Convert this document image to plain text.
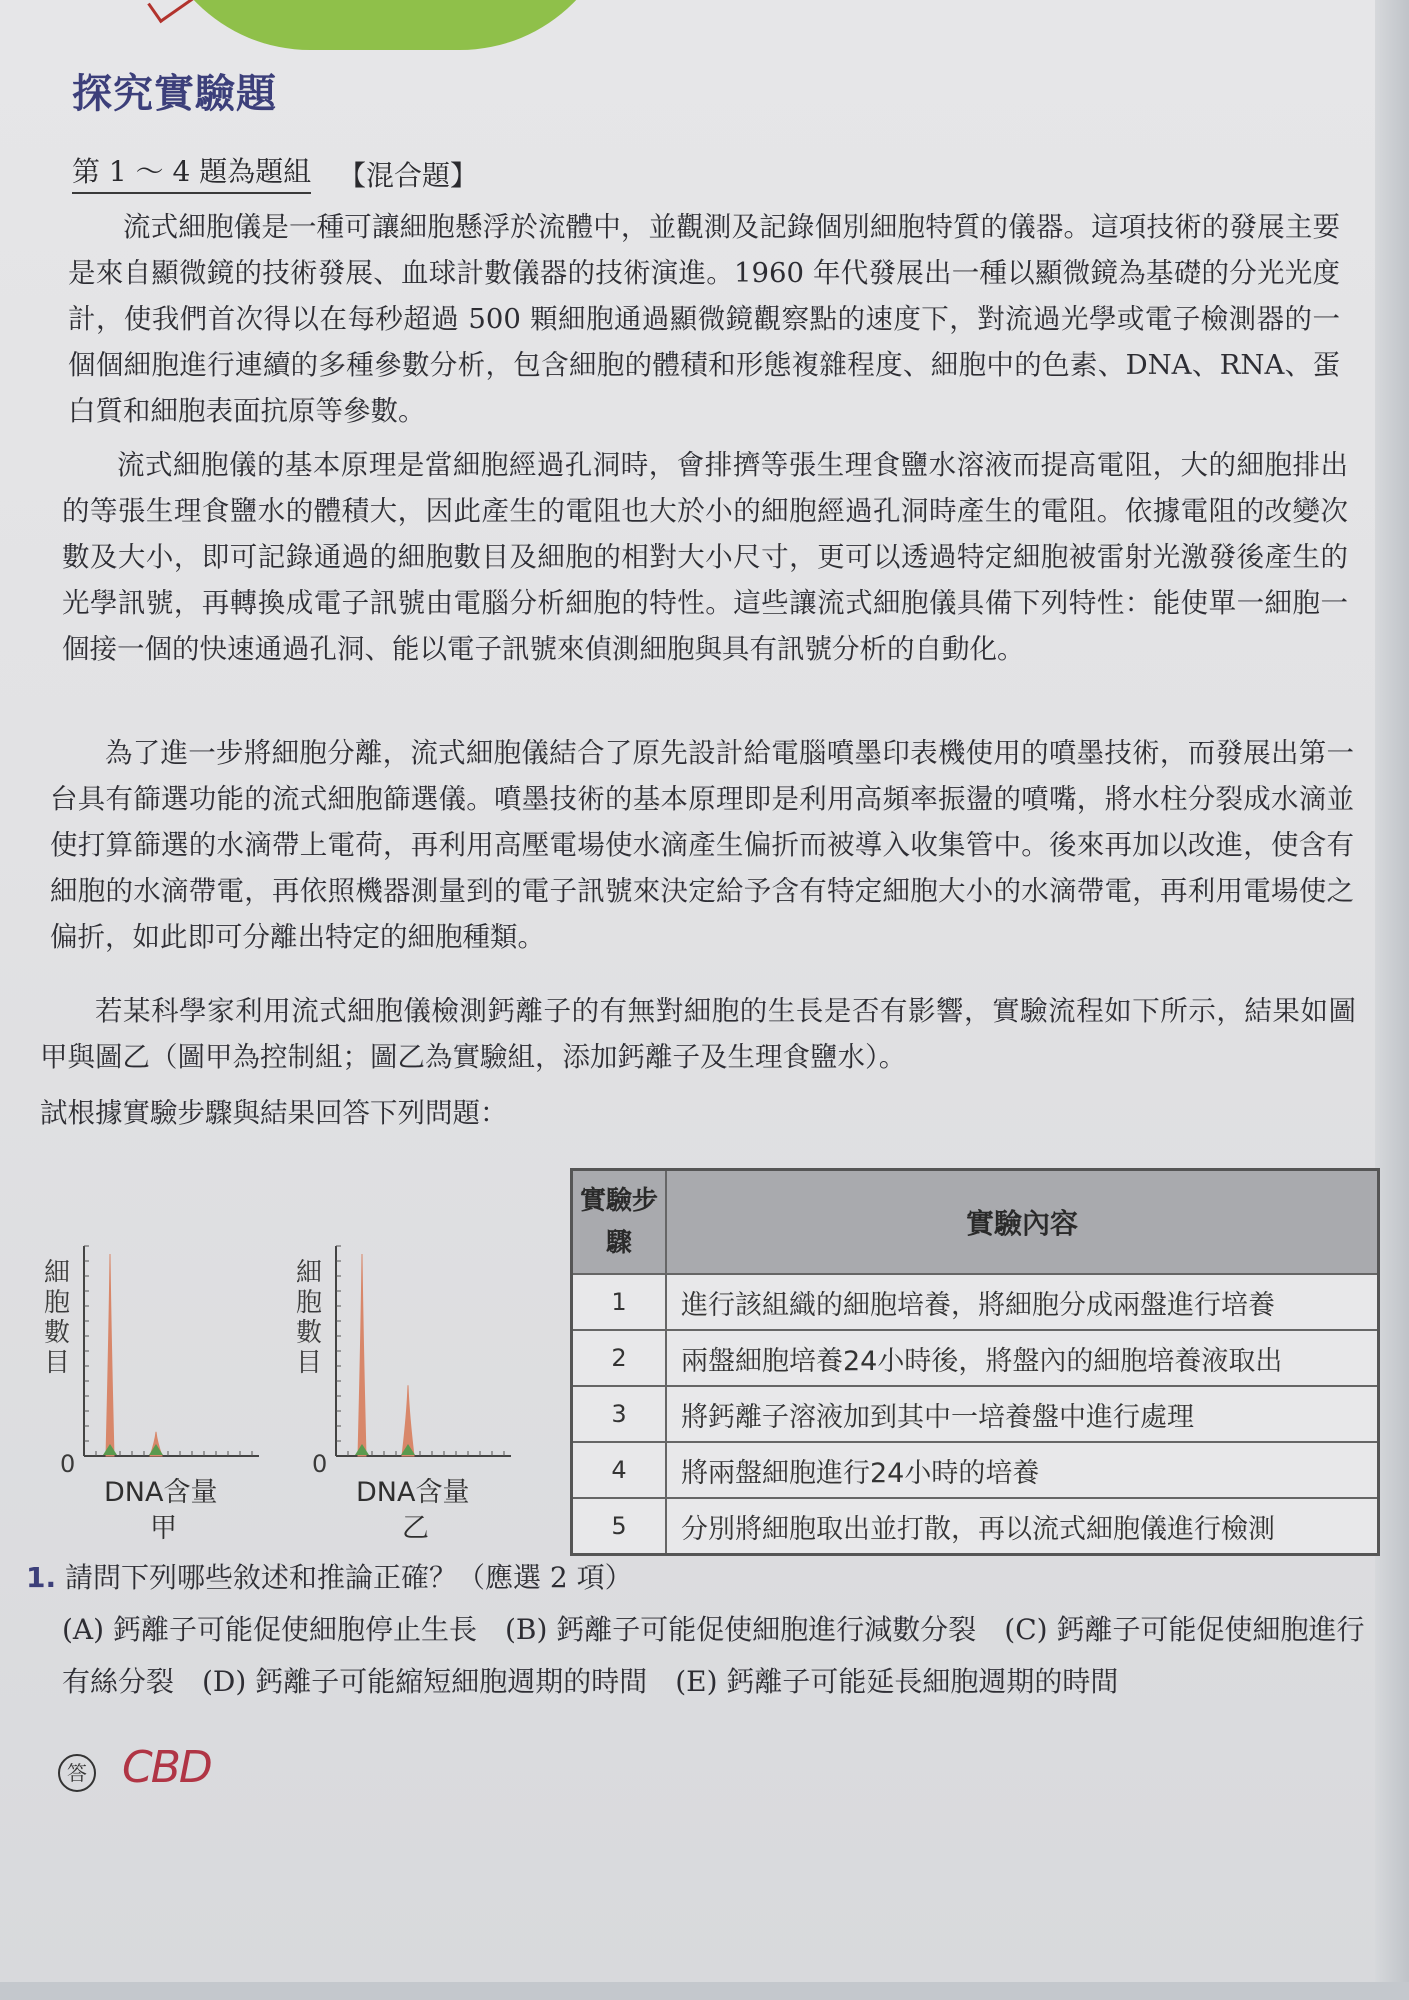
探究實驗題
第 1 ～ 4 題為題組 【混合題】

流式細胞儀是一種可讓細胞懸浮於流體中，並觀測及記錄個別細胞特質的儀器。這項技術的發展主要是來自顯微鏡的技術發展、血球計數儀器的技術演進。1960 年代發展出一種以顯微鏡為基礎的分光光度計，使我們首次得以在每秒超過 500 顆細胞通過顯微鏡觀察點的速度下，對流過光學或電子檢測器的一個個細胞進行連續的多種參數分析，包含細胞的體積和形態複雜程度、細胞中的色素、DNA、RNA、蛋白質和細胞表面抗原等參數。

流式細胞儀的基本原理是當細胞經過孔洞時，會排擠等張生理食鹽水溶液而提高電阻，大的細胞排出的等張生理食鹽水的體積大，因此產生的電阻也大於小的細胞經過孔洞時產生的電阻。依據電阻的改變次數及大小，即可記錄通過的細胞數目及細胞的相對大小尺寸，更可以透過特定細胞被雷射光激發後產生的光學訊號，再轉換成電子訊號由電腦分析細胞的特性。這些讓流式細胞儀具備下列特性：能使單一細胞一個接一個的快速通過孔洞、能以電子訊號來偵測細胞與具有訊號分析的自動化。

為了進一步將細胞分離，流式細胞儀結合了原先設計給電腦噴墨印表機使用的噴墨技術，而發展出第一台具有篩選功能的流式細胞篩選儀。噴墨技術的基本原理即是利用高頻率振盪的噴嘴，將水柱分裂成水滴並使打算篩選的水滴帶上電荷，再利用高壓電場使水滴產生偏折而被導入收集管中。後來再加以改進，使含有細胞的水滴帶電，再依照機器測量到的電子訊號來決定給予含有特定細胞大小的水滴帶電，再利用電場使之偏折，如此即可分離出特定的細胞種類。

若某科學家利用流式細胞儀檢測鈣離子的有無對細胞的生長是否有影響，實驗流程如下所示，結果如圖甲與圖乙（圖甲為控制組；圖乙為實驗組，添加鈣離子及生理食鹽水）。

試根據實驗步驟與結果回答下列問題：

細胞數目
0
DNA含量
甲
細胞數目
0
DNA含量
乙
實驗步驟	實驗內容
1	進行該組織的細胞培養，將細胞分成兩盤進行培養
2	兩盤細胞培養24小時後，將盤內的細胞培養液取出
3	將鈣離子溶液加到其中一培養盤中進行處理
4	將兩盤細胞進行24小時的培養
5	分別將細胞取出並打散，再以流式細胞儀進行檢測
1. 請問下列哪些敘述和推論正確？（應選 2 項）

(A) 鈣離子可能促使細胞停止生長　(B) 鈣離子可能促使細胞進行減數分裂　(C) 鈣離子可能促使細胞進行有絲分裂　(D) 鈣離子可能縮短細胞週期的時間　(E) 鈣離子可能延長細胞週期的時間

答 CBD
